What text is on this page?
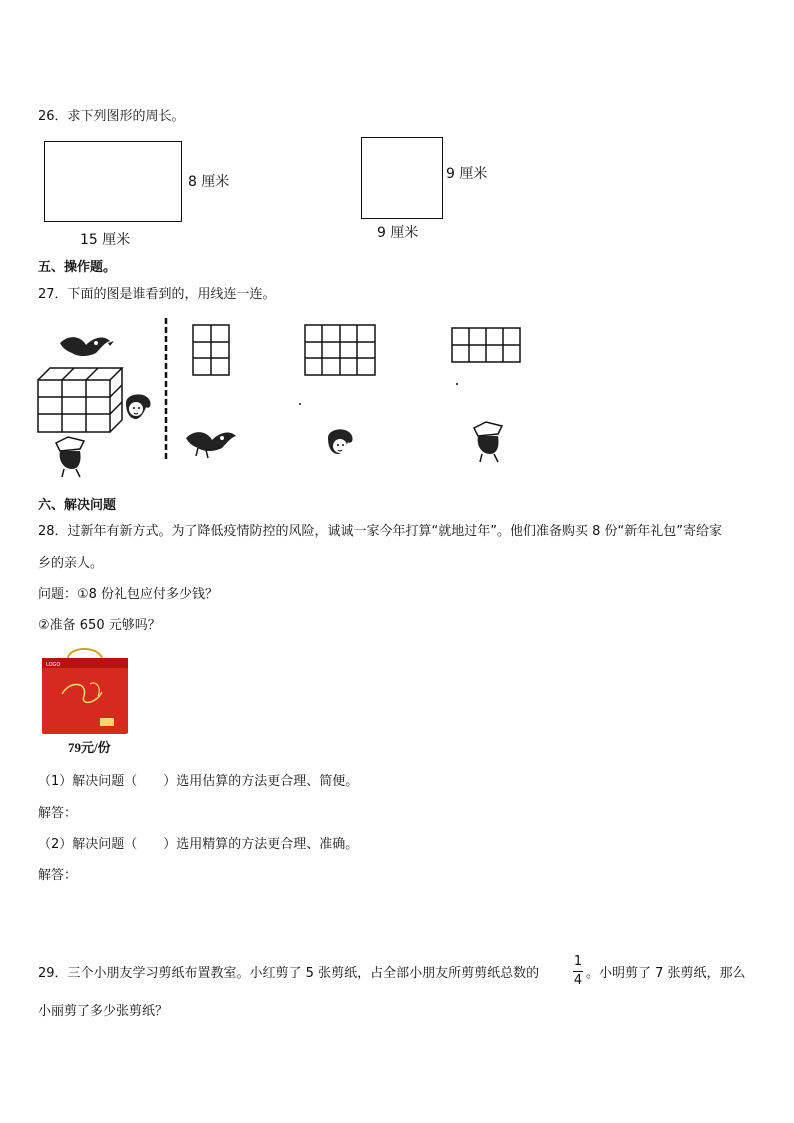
26．求下列图形的周长。
8 厘米
15 厘米
9 厘米
9 厘米
五、操作题。
27．下面的图是谁看到的，用线连一连。
六、解决问题
28．过新年有新方式。为了降低疫情防控的风险，诚诚一家今年打算“就地过年”。他们准备购买 8 份“新年礼包”寄给家
乡的亲人。
问题：①8 份礼包应付多少钱？
②准备 650 元够吗？
LOGO
79元/份
（1）解决问题（　　）选用估算的方法更合理、简便。
解答：
（2）解决问题（　　）选用精算的方法更合理、准确。
解答：
29．三个小朋友学习剪纸布置教室。小红剪了 5 张剪纸，占全部小朋友所剪剪纸总数的
1
4 。小明剪了 7 张剪纸，那么
小丽剪了多少张剪纸？
